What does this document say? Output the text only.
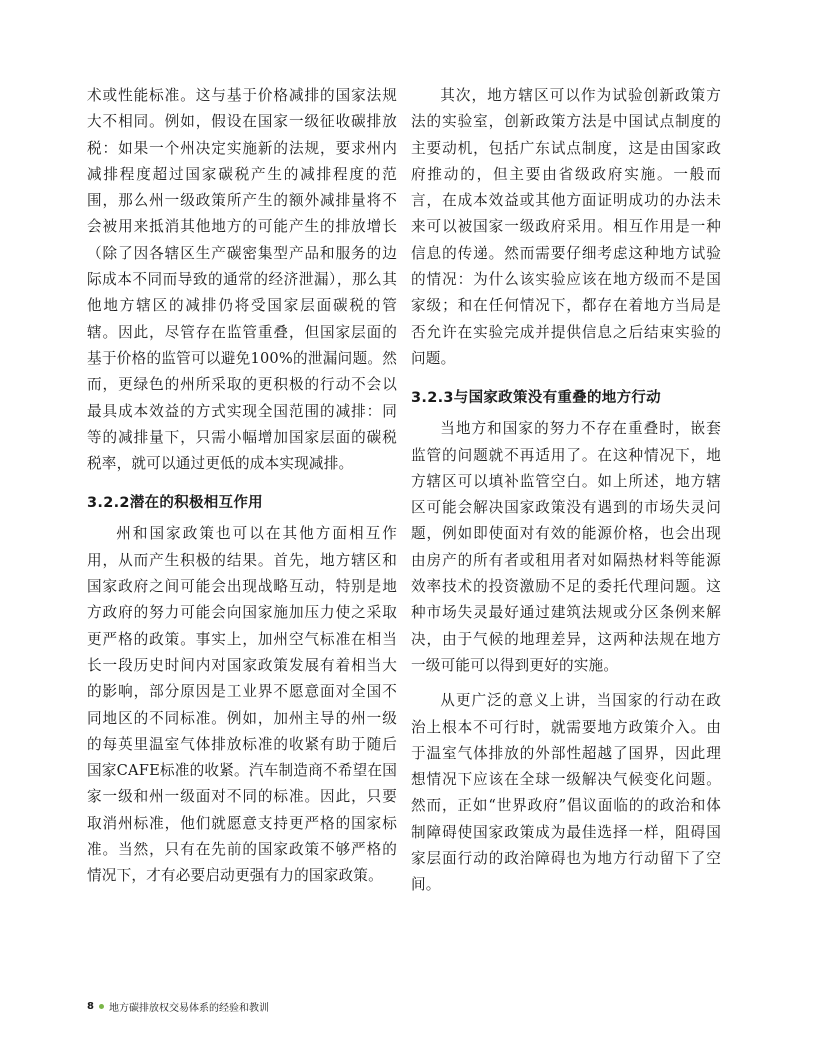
术或性能标准。这与基于价格减排的国家法规大不相同。例如，假设在国家一级征收碳排放税：如果一个州决定实施新的法规，要求州内减排程度超过国家碳税产生的减排程度的范围，那么州一级政策所产生的额外减排量将不会被用来抵消其他地方的可能产生的排放增长（除了因各辖区生产碳密集型产品和服务的边际成本不同而导致的通常的经济泄漏），那么其他地方辖区的减排仍将受国家层面碳税的管辖。因此，尽管存在监管重叠，但国家层面的基于价格的监管可以避免100%的泄漏问题。然而，更绿色的州所采取的更积极的行动不会以最具成本效益的方式实现全国范围的减排：同等的减排量下，只需小幅增加国家层面的碳税税率，就可以通过更低的成本实现减排。

3.2.2潜在的积极相互作用

州和国家政策也可以在其他方面相互作用，从而产生积极的结果。首先，地方辖区和国家政府之间可能会出现战略互动，特别是地方政府的努力可能会向国家施加压力使之采取更严格的政策。事实上，加州空气标准在相当长一段历史时间内对国家政策发展有着相当大的影响，部分原因是工业界不愿意面对全国不同地区的不同标准。例如，加州主导的州一级的每英里温室气体排放标准的收紧有助于随后国家CAFE标准的收紧。汽车制造商不希望在国家一级和州一级面对不同的标准。因此，只要取消州标准，他们就愿意支持更严格的国家标准。当然，只有在先前的国家政策不够严格的情况下，才有必要启动更强有力的国家政策。

其次，地方辖区可以作为试验创新政策方法的实验室，创新政策方法是中国试点制度的主要动机，包括广东试点制度，这是由国家政府推动的，但主要由省级政府实施。一般而言，在成本效益或其他方面证明成功的办法未来可以被国家一级政府采用。相互作用是一种信息的传递。然而需要仔细考虑这种地方试验的情况：为什么该实验应该在地方级而不是国家级；和在任何情况下，都存在着地方当局是否允许在实验完成并提供信息之后结束实验的问题。

3.2.3与国家政策没有重叠的地方行动

当地方和国家的努力不存在重叠时，嵌套监管的问题就不再适用了。在这种情况下，地方辖区可以填补监管空白。如上所述，地方辖区可能会解决国家政策没有遇到的市场失灵问题，例如即使面对有效的能源价格，也会出现由房产的所有者或租用者对如隔热材料等能源效率技术的投资激励不足的委托代理问题。这种市场失灵最好通过建筑法规或分区条例来解决，由于气候的地理差异，这两种法规在地方一级可能可以得到更好的实施。

从更广泛的意义上讲，当国家的行动在政治上根本不可行时，就需要地方政策介入。由于温室气体排放的外部性超越了国界，因此理想情况下应该在全球一级解决气候变化问题。然而，正如“世界政府”倡议面临的的政治和体制障碍使国家政策成为最佳选择一样，阻碍国家层面行动的政治障碍也为地方行动留下了空间。

8 地方碳排放权交易体系的经验和教训
